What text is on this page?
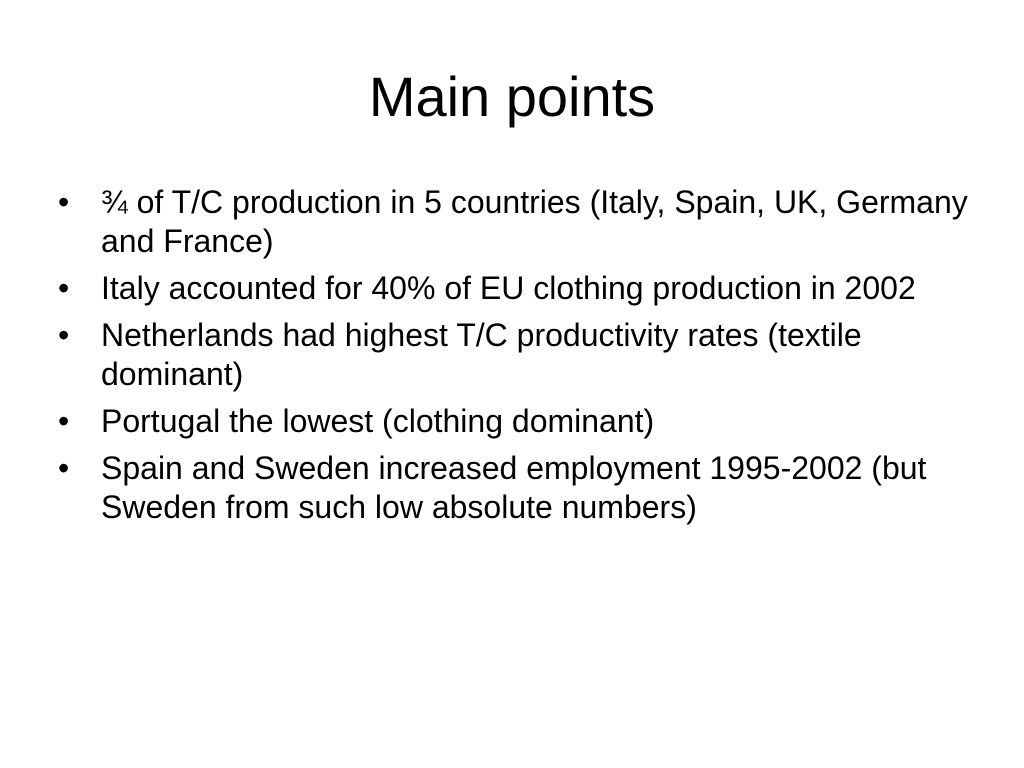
Main points
• ¾ of T/C production in 5 countries (Italy, Spain, UK, Germany and France)
• Italy accounted for 40% of EU clothing production in 2002
• Netherlands had highest T/C productivity rates (textile dominant)
• Portugal the lowest (clothing dominant)
• Spain and Sweden increased employment 1995-2002 (but Sweden from such low absolute numbers)
